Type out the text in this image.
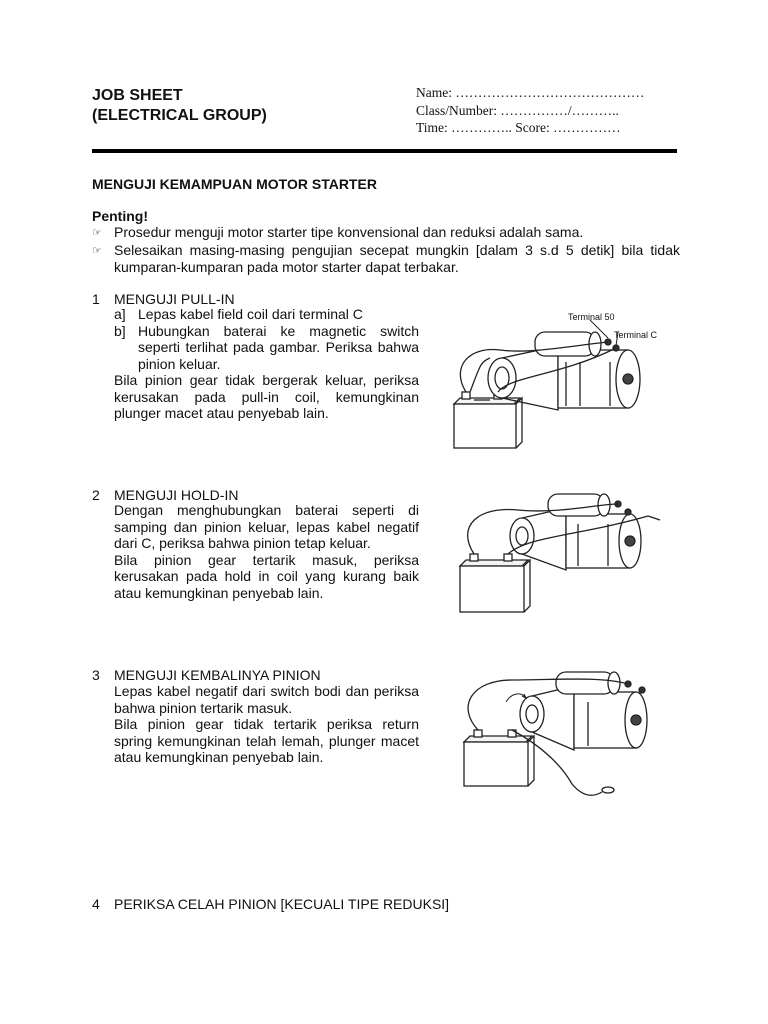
JOB SHEET
(ELECTRICAL GROUP)
Name: ……………………………………
Class/Number: ……………/………..
Time: ………….. Score: ……………
MENGUJI KEMAMPUAN MOTOR STARTER
Penting!
☞ Prosedur menguji motor starter tipe konvensional dan reduksi adalah sama.
☞ Selesaikan masing-masing pengujian secepat mungkin [dalam 3 s.d 5 detik] bila tidak kumparan-kumparan pada motor starter dapat terbakar.
1 MENGUJI PULL-IN
a] Lepas kabel field coil dari terminal C
b] Hubungkan baterai ke magnetic switch seperti terlihat pada gambar. Periksa bahwa pinion keluar.
Bila pinion gear tidak bergerak keluar, periksa kerusakan pada pull-in coil, kemungkinan plunger macet atau penyebab lain.
Terminal 50
Terminal C
2 MENGUJI HOLD-IN
Dengan menghubungkan baterai seperti di samping dan pinion keluar, lepas kabel negatif dari C, periksa bahwa pinion tetap keluar.
Bila pinion gear tertarik masuk, periksa kerusakan pada hold in coil yang kurang baik atau kemungkinan penyebab lain.
3 MENGUJI KEMBALINYA PINION
Lepas kabel negatif dari switch bodi dan periksa bahwa pinion tertarik masuk.
Bila pinion gear tidak tertarik periksa return spring kemungkinan telah lemah, plunger macet atau kemungkinan penyebab lain.
4 PERIKSA CELAH PINION [KECUALI TIPE REDUKSI]
